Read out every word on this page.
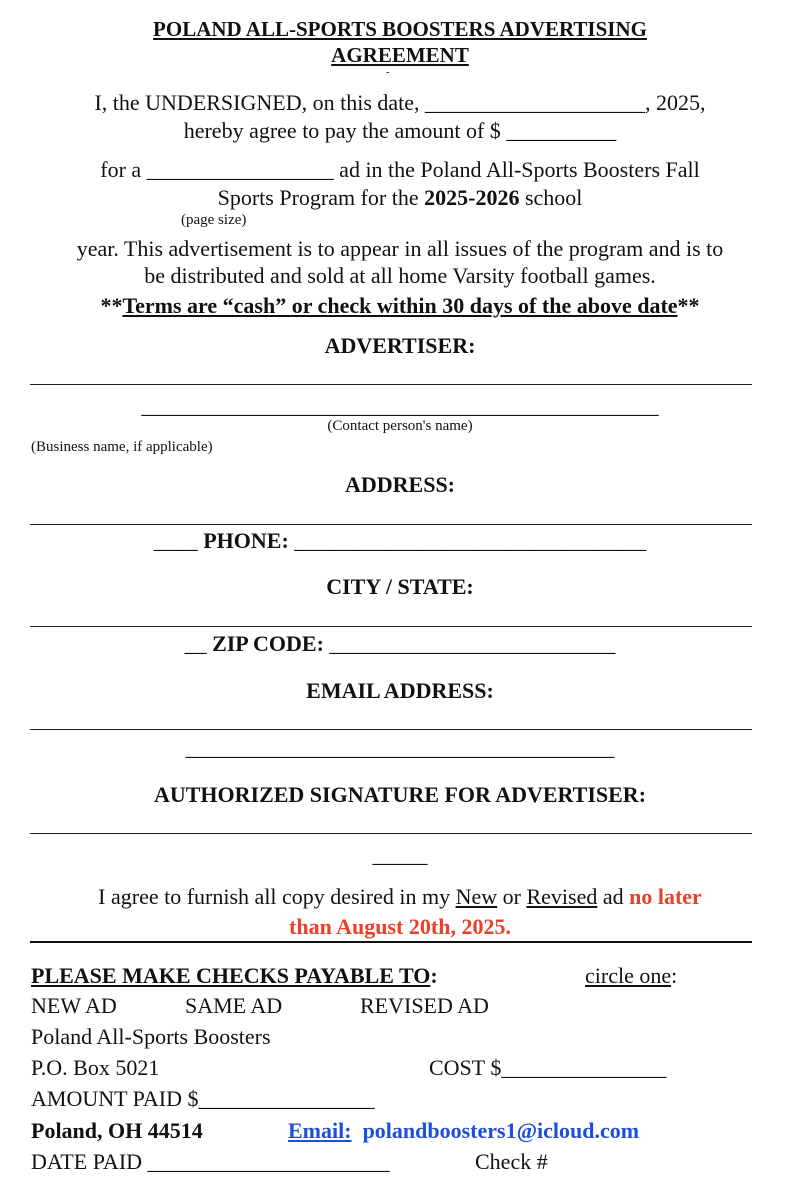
POLAND ALL-SPORTS BOOSTERS ADVERTISING
AGREEMENT
-
I, the UNDERSIGNED, on this date, ____________________, 2025,
hereby agree to pay the amount of $ __________
for a _________________ ad in the Poland All-Sports Boosters Fall
Sports Program for the 2025-2026 school
(page size)
year. This advertisement is to appear in all issues of the program and is to
be distributed and sold at all home Varsity football games.
**Terms are “cash” or check within 30 days of the above date**
ADVERTISER:
_______________________________________________
(Contact person's name)
(Business name, if applicable)
ADDRESS:
____ PHONE: ________________________________
CITY / STATE:
__ ZIP CODE: __________________________
EMAIL ADDRESS:
_______________________________________
AUTHORIZED SIGNATURE FOR ADVERTISER:
_____
I agree to furnish all copy desired in my New or Revised ad no later
than August 20th, 2025.
PLEASE MAKE CHECKS PAYABLE TO:	circle one:
NEW AD	SAME AD	REVISED AD
Poland All-Sports Boosters
P.O. Box 5021	COST $_______________
AMOUNT PAID $________________
Poland, OH 44514	Email: polandboosters1@icloud.com
DATE PAID ______________________	Check #
